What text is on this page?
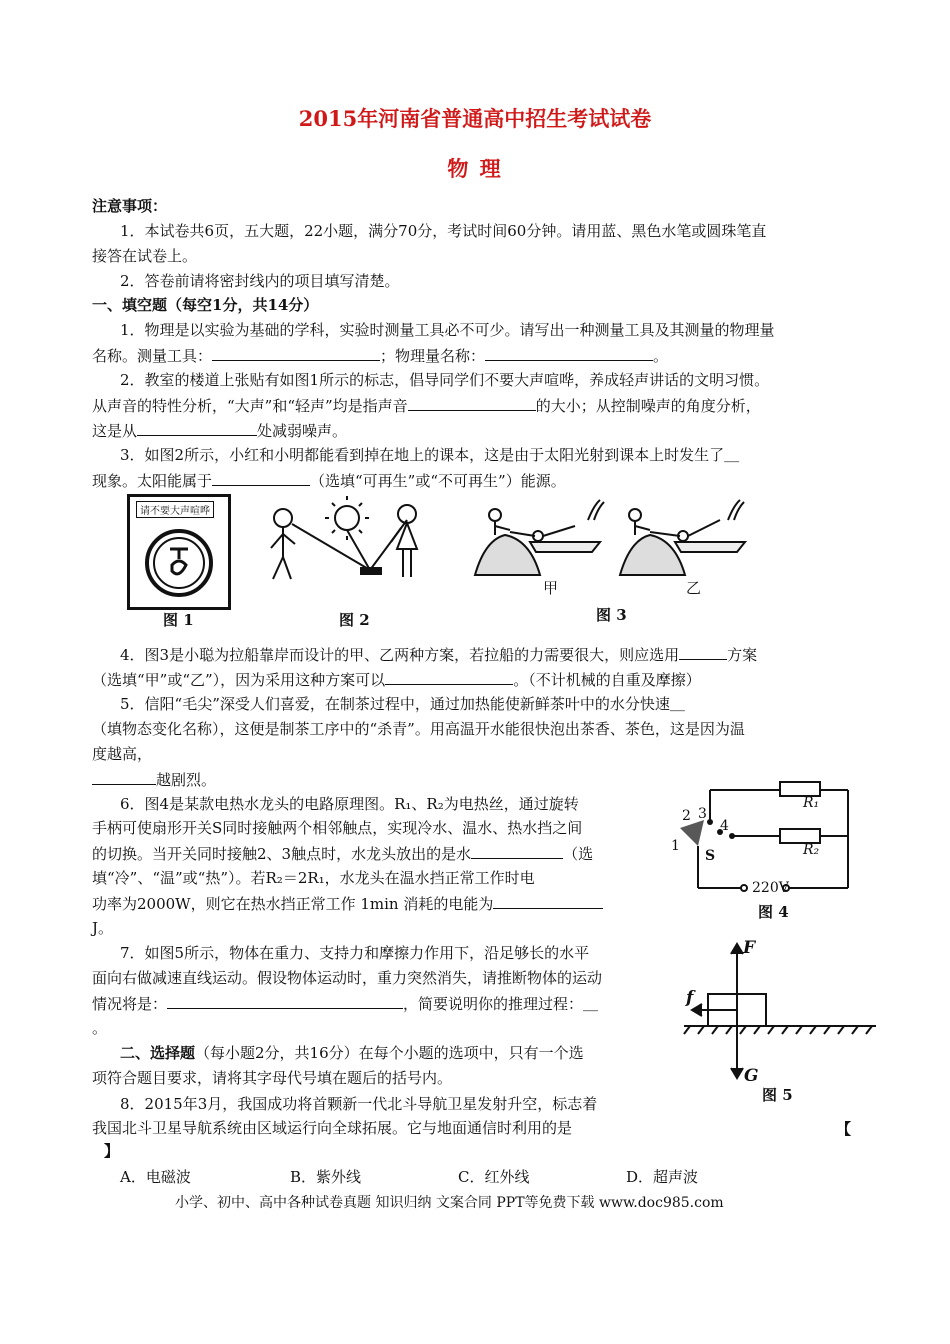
2015年河南省普通高中招生考试试卷
物 理
注意事项：
1．本试卷共6页，五大题，22小题，满分70分，考试时间60分钟。请用蓝、黑色水笔或圆珠笔直
接答在试卷上。
2．答卷前请将密封线内的项目填写清楚。
一、填空题（每空1分，共14分）
1．物理是以实验为基础的学科，实验时测量工具必不可少。请写出一种测量工具及其测量的物理量
名称。测量工具：	；物理量名称：	。
2．教室的楼道上张贴有如图1所示的标志，倡导同学们不要大声喧哗，养成轻声讲话的文明习惯。
从声音的特性分析，“大声”和“轻声”均是指声音	的大小；从控制噪声的角度分析，
这是从	处减弱噪声。
3．如图2所示，小红和小明都能看到掉在地上的课本，这是由于太阳光射到课本上时发生了＿
现象。太阳能属于	（选填“可再生”或“不可再生”）能源。
请不要大声喧哗
图 1	图 2
甲	乙
图 3
4．图3是小聪为拉船靠岸而设计的甲、乙两种方案，若拉船的力需要很大，则应选用	方案
（选填“甲”或“乙”），因为采用这种方案可以	。（不计机械的自重及摩擦）
5．信阳“毛尖”深受人们喜爱，在制茶过程中，通过加热能使新鲜茶叶中的水分快速＿
（填物态变化名称），这便是制茶工序中的“杀青”。用高温开水能很快泡出茶香、茶色，这是因为温
度越高，
越剧烈。
6．图4是某款电热水龙头的电路原理图。R₁、R₂为电热丝，通过旋转
手柄可使扇形开关S同时接触两个相邻触点，实现冷水、温水、热水挡之间
的切换。当开关同时接触2、3触点时，水龙头放出的是水	（选
填“冷”、“温”或“热”）。若R₂＝2R₁，水龙头在温水挡正常工作时电
功率为2000W，则它在热水挡正常工作 1min 消耗的电能为
J。
R₁
R₂
1
2 3
4
S
220V
图 4
7．如图5所示，物体在重力、支持力和摩擦力作用下，沿足够长的水平
面向右做减速直线运动。假设物体运动时，重力突然消失，请推断物体的运动
情况将是：	，简要说明你的推理过程：＿
。
F
f
G
图 5
二、选择题（每小题2分，共16分）在每个小题的选项中，只有一个选
项符合题目要求，请将其字母代号填在题后的括号内。
8．2015年3月，我国成功将首颗新一代北斗导航卫星发射升空，标志着
我国北斗卫星导航系统由区域运行向全球拓展。它与地面通信时利用的是	【
】
A．电磁波	B．紫外线	C．红外线	D．超声波
小学、初中、高中各种试卷真题 知识归纳 文案合同 PPT等免费下载 www.doc985.com
